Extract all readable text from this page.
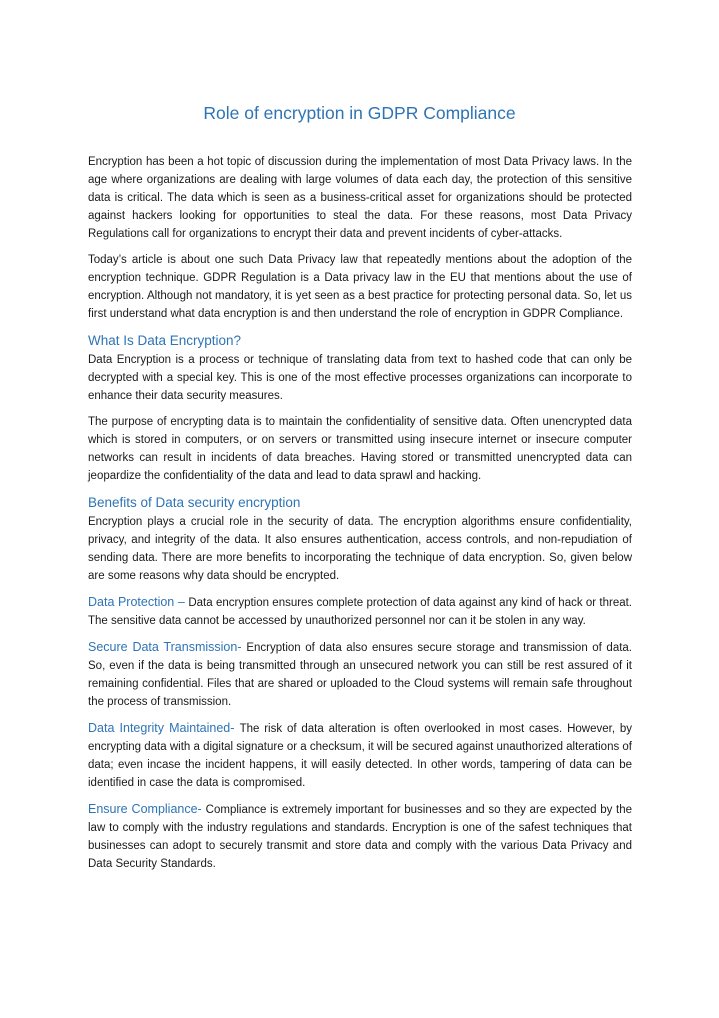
Role of encryption in GDPR Compliance

Encryption has been a hot topic of discussion during the implementation of most Data Privacy laws. In the age where organizations are dealing with large volumes of data each day, the protection of this sensitive data is critical. The data which is seen as a business-critical asset for organizations should be protected against hackers looking for opportunities to steal the data. For these reasons, most Data Privacy Regulations call for organizations to encrypt their data and prevent incidents of cyber-attacks.

Today’s article is about one such Data Privacy law that repeatedly mentions about the adoption of the encryption technique. GDPR Regulation is a Data privacy law in the EU that mentions about the use of encryption. Although not mandatory, it is yet seen as a best practice for protecting personal data. So, let us first understand what data encryption is and then understand the role of encryption in GDPR Compliance.

What Is Data Encryption?

Data Encryption is a process or technique of translating data from text to hashed code that can only be decrypted with a special key. This is one of the most effective processes organizations can incorporate to enhance their data security measures.

The purpose of encrypting data is to maintain the confidentiality of sensitive data. Often unencrypted data which is stored in computers, or on servers or transmitted using insecure internet or insecure computer networks can result in incidents of data breaches. Having stored or transmitted unencrypted data can jeopardize the confidentiality of the data and lead to data sprawl and hacking.

Benefits of Data security encryption

Encryption plays a crucial role in the security of data. The encryption algorithms ensure confidentiality, privacy, and integrity of the data. It also ensures authentication, access controls, and non-repudiation of sending data. There are more benefits to incorporating the technique of data encryption. So, given below are some reasons why data should be encrypted.

Data Protection – Data encryption ensures complete protection of data against any kind of hack or threat. The sensitive data cannot be accessed by unauthorized personnel nor can it be stolen in any way.

Secure Data Transmission- Encryption of data also ensures secure storage and transmission of data. So, even if the data is being transmitted through an unsecured network you can still be rest assured of it remaining confidential. Files that are shared or uploaded to the Cloud systems will remain safe throughout the process of transmission.

Data Integrity Maintained- The risk of data alteration is often overlooked in most cases. However, by encrypting data with a digital signature or a checksum, it will be secured against unauthorized alterations of data; even incase the incident happens, it will easily detected. In other words, tampering of data can be identified in case the data is compromised.

Ensure Compliance- Compliance is extremely important for businesses and so they are expected by the law to comply with the industry regulations and standards. Encryption is one of the safest techniques that businesses can adopt to securely transmit and store data and comply with the various Data Privacy and Data Security Standards.
